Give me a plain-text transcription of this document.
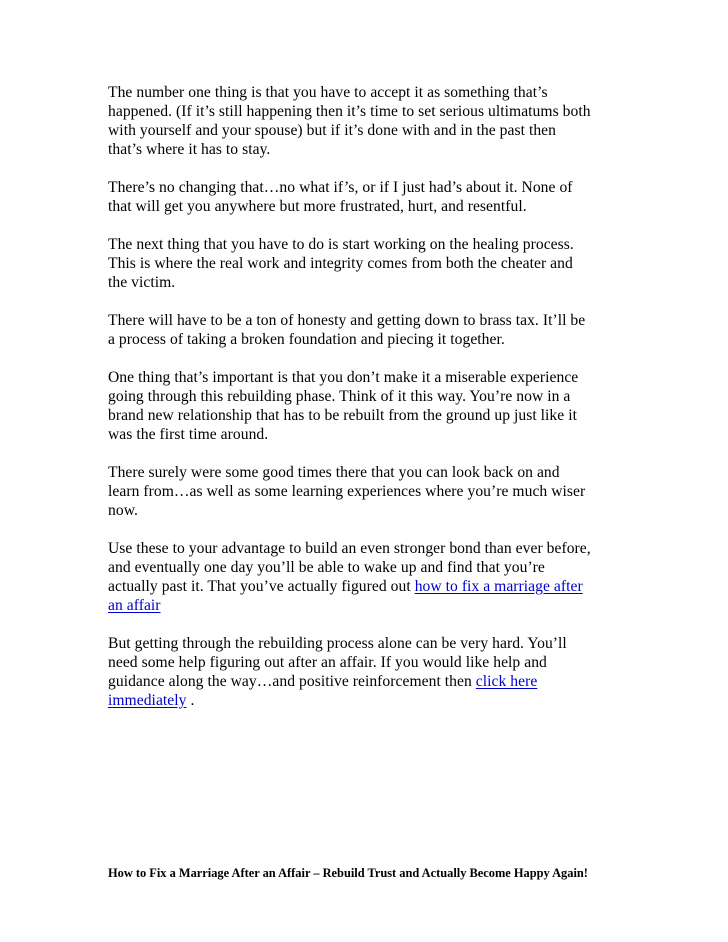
The number one thing is that you have to accept it as something that’s
happened. (If it’s still happening then it’s time to set serious ultimatums both
with yourself and your spouse) but if it’s done with and in the past then
that’s where it has to stay.

There’s no changing that…no what if’s, or if I just had’s about it. None of
that will get you anywhere but more frustrated, hurt, and resentful.

The next thing that you have to do is start working on the healing process.
This is where the real work and integrity comes from both the cheater and
the victim.

There will have to be a ton of honesty and getting down to brass tax. It’ll be
a process of taking a broken foundation and piecing it together.

One thing that’s important is that you don’t make it a miserable experience
going through this rebuilding phase. Think of it this way. You’re now in a
brand new relationship that has to be rebuilt from the ground up just like it
was the first time around.

There surely were some good times there that you can look back on and
learn from…as well as some learning experiences where you’re much wiser
now.

Use these to your advantage to build an even stronger bond than ever before,
and eventually one day you’ll be able to wake up and find that you’re
actually past it. That you’ve actually figured out how to fix a marriage after
an affair

But getting through the rebuilding process alone can be very hard. You’ll
need some help figuring out after an affair. If you would like help and
guidance along the way…and positive reinforcement then click here
immediately .

How to Fix a Marriage After an Affair – Rebuild Trust and Actually Become Happy Again!
